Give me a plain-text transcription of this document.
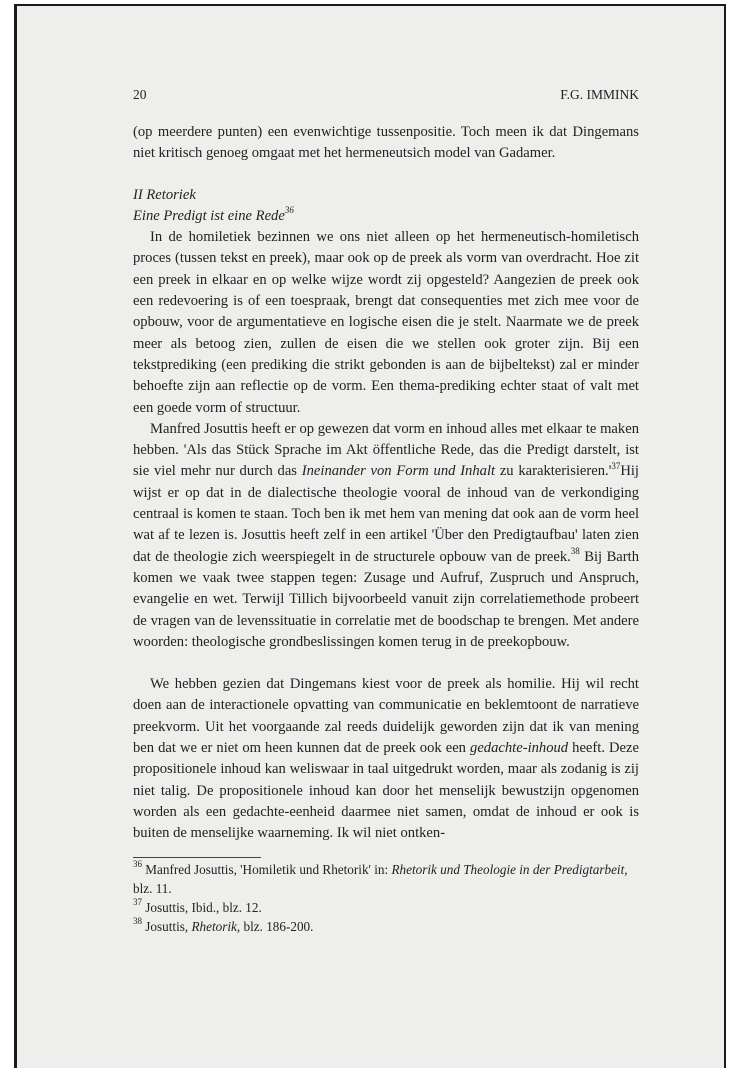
20	F.G. IMMINK

(op meerdere punten) een evenwichtige tussenpositie. Toch meen ik dat Dingemans niet kritisch genoeg omgaat met het hermeneutsich model van Gadamer.

II Retoriek

Eine Predigt ist eine Rede$^{36}$

In de homiletiek bezinnen we ons niet alleen op het hermeneutisch-homiletisch proces (tussen tekst en preek), maar ook op de preek als vorm van overdracht. Hoe zit een preek in elkaar en op welke wijze wordt zij opgesteld? Aangezien de preek ook een redevoering is of een toespraak, brengt dat consequenties met zich mee voor de opbouw, voor de argumentatieve en logische eisen die je stelt. Naarmate we de preek meer als betoog zien, zullen de eisen die we stellen ook groter zijn. Bij een tekstprediking (een prediking die strikt gebonden is aan de bijbeltekst) zal er minder behoefte zijn aan reflectie op de vorm. Een thema-prediking echter staat of valt met een goede vorm of structuur.

Manfred Josuttis heeft er op gewezen dat vorm en inhoud alles met elkaar te maken hebben. 'Als das Stück Sprache im Akt öffentliche Rede, das die Predigt darstelt, ist sie viel mehr nur durch das Ineinander von Form und Inhalt zu $karakterisieren.'^{37}Hij$ wijst er op dat in de dialectische theologie vooral de inhoud van de verkondiging centraal is komen te staan. Toch ben ik met hem van mening dat ook aan de vorm heel wat af te lezen is. Josuttis heeft zelf in een artikel 'Über den Predigtaufbau' laten zien dat de theologie zich weerspiegelt in de structurele opbouw van de preek.$^{38}$ Bij Barth komen we vaak twee stappen tegen: Zusage und Aufruf, Zuspruch und Anspruch, evangelie en wet. Terwijl Tillich bijvoorbeeld vanuit zijn correlatiemethode probeert de vragen van de levenssituatie in correlatie met de boodschap te brengen. Met andere woorden: theologische grondbeslissingen komen terug in de preekopbouw.

We hebben gezien dat Dingemans kiest voor de preek als homilie. Hij wil recht doen aan de interactionele opvatting van communicatie en beklemtoont de narratieve preekvorm. Uit het voorgaande zal reeds duidelijk geworden zijn dat ik van mening ben dat we er niet om heen kunnen dat de preek ook een gedachte-inhoud heeft. Deze propositionele inhoud kan weliswaar in taal uitgedrukt worden, maar als zodanig is zij niet talig. De propositionele inhoud kan door het menselijk bewustzijn opgenomen worden als een gedachte-eenheid daarmee niet samen, omdat de inhoud er ook is buiten de menselijke waarneming. Ik wil niet ontken-

$^{36}$ Manfred Josuttis, 'Homiletik und Rhetorik' in: Rhetorik und Theologie in der Predigtarbeit, blz. 11.

$^{37}$ Josuttis, Ibid., blz. 12.

$^{38}$ Josuttis, Rhetorik, blz. 186-200.
